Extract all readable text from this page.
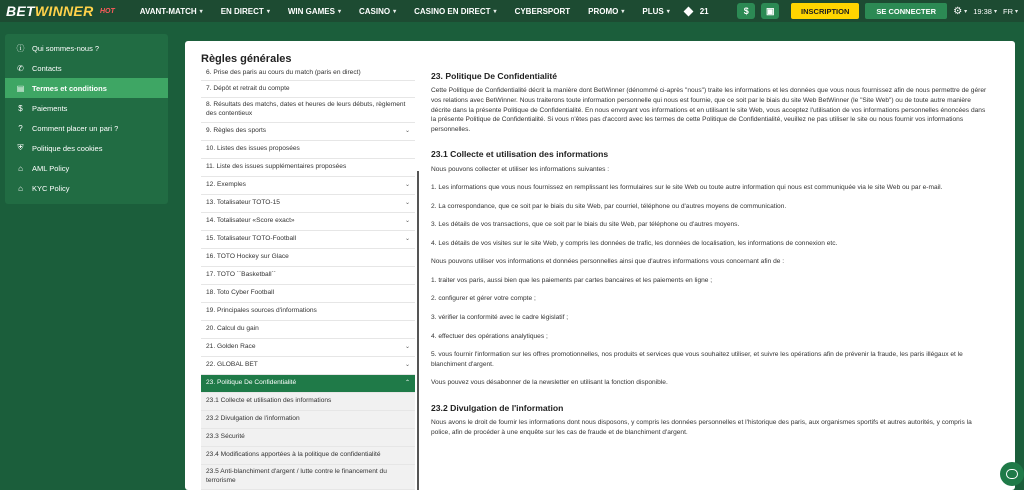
BETWINNER HOT	AVANT-MATCH ▾ EN DIRECT ▾ WIN GAMES ▾ CASINO ▾ CASINO EN DIRECT ▾ CYBERSPORT PROMO ▾ PLUS ▾	21	$ ▣	INSCRIPTION	SE CONNECTER	⚙ ▾ 19:38 ▾ FR ▾
ⓘ Qui sommes-nous ?
✆ Contacts
▤ Termes et conditions
$	Paiements
?	Comment placer un pari ?
⛨ Politique des cookies
⌂ AML Policy
⌂ KYC Policy
Règles générales
6. Prise des paris au cours du match (paris en direct)
7. Dépôt et retrait du compte
8. Résultats des matchs, dates et heures de leurs débuts, règlement des contentieux
9. Règles des sports	⌄
10. Listes des issues proposées
11. Liste des issues supplémentaires proposées
12. Exemples	⌄
13. Totalisateur TOTO-15	⌄
14. Totalisateur «Score exact»	⌄
15. Totalisateur TOTO-Football	⌄
16. TOTO Hockey sur Glace
17. TOTO ``Basketball``
18. Toto Cyber Football
19. Principales sources d'informations
20. Calcul du gain
21. Golden Race	⌄
22. GLOBAL BET	⌄
23. Politique De Confidentialité	⌃
23.1 Collecte et utilisation des informations
23.2 Divulgation de l'information
23.3 Sécurité
23.4 Modifications apportées à la politique de confidentialité
23.5 Anti-blanchiment d'argent / lutte contre le financement du terrorisme
23. Politique De Confidentialité

Cette Politique de Confidentialité décrit la manière dont BetWinner (dénommé ci-après "nous") traite les informations et les données que vous nous fournissez afin de nous permettre de gérer vos relations avec BetWinner. Nous traiterons toute information personnelle qui nous est fournie, que ce soit par le biais du site Web BetWinner (le "Site Web") ou de toute autre manière décrite dans la présente Politique de Confidentialité. En nous envoyant vos informations et en utilisant le site Web, vous acceptez l'utilisation de vos informations personnelles énoncées dans la présente Politique de Confidentialité. Si vous n'êtes pas d'accord avec les termes de cette Politique de Confidentialité, veuillez ne pas utiliser le site ou nous fournir vos informations personnelles.

23.1 Collecte et utilisation des informations

Nous pouvons collecter et utiliser les informations suivantes :

1. Les informations que vous nous fournissez en remplissant les formulaires sur le site Web ou toute autre information qui nous est communiquée via le site Web ou par e-mail.

2. La correspondance, que ce soit par le biais du site Web, par courriel, téléphone ou d'autres moyens de communication.

3. Les détails de vos transactions, que ce soit par le biais du site Web, par téléphone ou d'autres moyens.

4. Les détails de vos visites sur le site Web, y compris les données de trafic, les données de localisation, les informations de connexion etc.

Nous pouvons utiliser vos informations et données personnelles ainsi que d'autres informations vous concernant afin de :

1. traiter vos paris, aussi bien que les paiements par cartes bancaires et les paiements en ligne ;

2. configurer et gérer votre compte ;

3. vérifier la conformité avec le cadre législatif ;

4. effectuer des opérations analytiques ;

5. vous fournir l'information sur les offres promotionnelles, nos produits et services que vous souhaitez utiliser, et suivre les opérations afin de prévenir la fraude, les paris illégaux et le blanchiment d'argent.

Vous pouvez vous désabonner de la newsletter en utilisant la fonction disponible.

23.2 Divulgation de l'information

Nous avons le droit de fournir les informations dont nous disposons, y compris les données personnelles et l'historique des paris, aux organismes sportifs et autres autorités, y compris la police, afin de procéder à une enquête sur les cas de fraude et de blanchiment d'argent.
